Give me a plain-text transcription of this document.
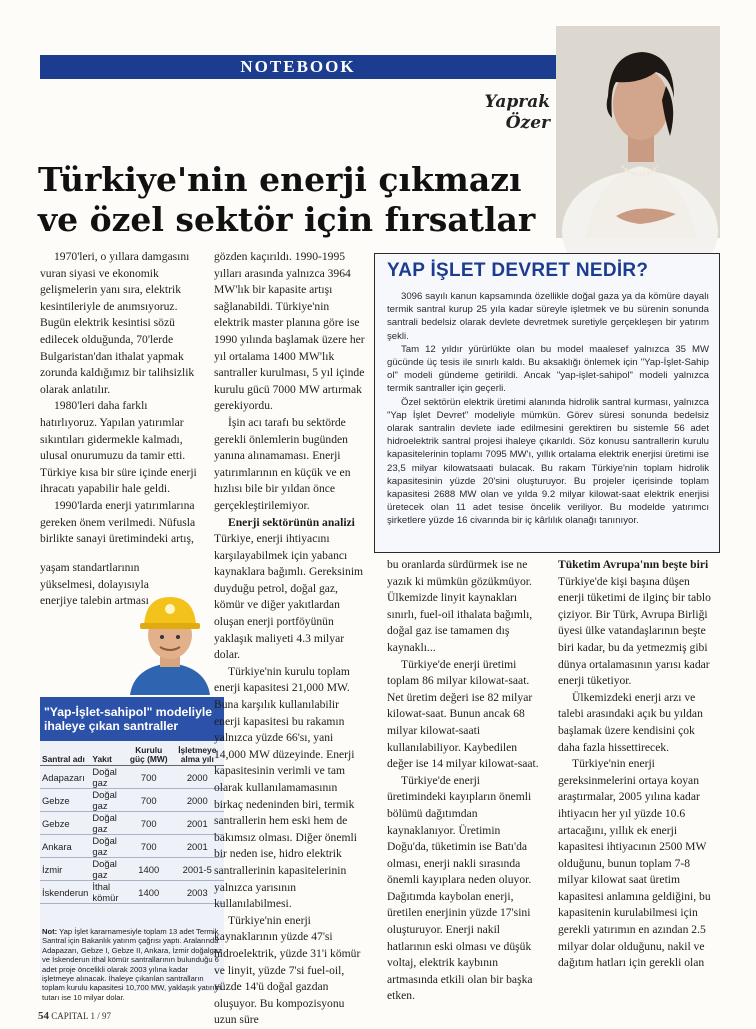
NOTEBOOK
Yaprak
Özer
Türkiye'nin enerji çıkmazı
ve özel sektör için fırsatlar

1970'leri, o yıllara damgasını vuran siyasi ve ekonomik gelişmelerin yanı sıra, elektrik kesintileriyle de anımsıyoruz. Bugün elektrik kesintisi sözü edilecek olduğunda, 70'lerde Bulgaristan'dan ithalat yapmak zorunda kaldığımız bir talihsizlik olarak anlatılır.

1980'leri daha farklı hatırlıyoruz. Yapılan yatırımlar sıkıntıları gidermekle kalmadı, ulusal onurumuzu da tamir etti. Türkiye kısa bir süre içinde enerji ihracatı yapabilir hale geldi.

1990'larda enerji yatırımlarına gereken önem verilmedi. Nüfusla birlikte sanayi üretimindeki artış,

yaşam standartlarının yükselmesi, dolayısıyla enerjiye talebin artması

"Yap-İşlet-sahipol" modeliyle
ihaleye çıkan santraller
Santral adı	Yakıt	Kurulu güç (MW)	İşletmeye alma yılı
Adapazarı	Doğal gaz	700	2000
Gebze	Doğal gaz	700	2000
Gebze	Doğal gaz	700	2001
Ankara	Doğal gaz	700	2001
İzmir	Doğal gaz	1400	2001-5
İskenderun	İthal kömür	1400	2003
Not: Yap İşlet kararnamesiyle toplam 13 adet Termik Santral için Bakanlık yatırım çağrısı yaptı. Aralarında Adapazarı, Gebze I, Gebze II, Ankara, İzmir doğalgaz ve İskenderun ithal kömür santrallarının bulunduğu 6 adet proje öncelikli olarak 2003 yılına kadar işletmeye alınacak. İhaleye çıkarılan santralların toplam kurulu kapasitesi 10,700 MW, yaklaşık yatırım tutarı ise 10 milyar dolar.

gözden kaçırıldı. 1990-1995 yılları arasında yalnızca 3964 MW'lık bir kapasite artışı sağlanabildi. Türkiye'nin elektrik master planına göre ise 1990 yılında başlamak üzere her yıl ortalama 1400 MW'lık santraller kurulması, 5 yıl içinde kurulu gücü 7000 MW artırmak gerekiyordu.

İşin acı tarafı bu sektörde gerekli önlemlerin bugünden yanına alınamaması. Enerji yatırımlarının en küçük ve en hızlısı bile bir yıldan önce gerçekleştirilemiyor.

Enerji sektörünün analizi Türkiye, enerji ihtiyacını karşılayabilmek için yabancı kaynaklara bağımlı. Gereksinim duyduğu petrol, doğal gaz, kömür ve diğer yakıtlardan oluşan enerji portföyünün yaklaşık maliyeti 4.3 milyar dolar.

Türkiye'nin kurulu toplam enerji kapasitesi 21,000 MW. Buna karşılık kullanılabilir enerji kapasitesi bu rakamın yalnızca yüzde 66'sı, yani 14,000 MW düzeyinde. Enerji kapasitesinin verimli ve tam olarak kullanılamamasının birkaç nedeninden biri, termik santrallerin hem eski hem de bakımsız olması. Diğer önemli bir neden ise, hidro elektrik santrallerinin kapasitelerinin yalnızca yarısının kullanılabilmesi.

Türkiye'nin enerji kaynaklarının yüzde 47'si hidroelektrik, yüzde 31'i kömür ve linyit, yüzde 7'si fuel-oil, yüzde 14'ü doğal gazdan oluşuyor. Bu kompozisyonu uzun süre

YAP İŞLET DEVRET NEDİR?

3096 sayılı kanun kapsamında özellikle doğal gaza ya da kömüre dayalı termik santral kurup 25 yıla kadar süreyle işletmek ve bu sürenin sonunda santrali bedelsiz olarak devlete devretmek suretiyle gerçekleşen bir yatırım şekli.

Tam 12 yıldır yürürlükte olan bu model maalesef yalnızca 35 MW gücünde üç tesis ile sınırlı kaldı. Bu aksaklığı önlemek için "Yap-İşlet-Sahip ol" modeli gündeme getirildi. Ancak "yap-işlet-sahipol" modeli yalnızca termik santraller için geçerli.

Özel sektörün elektrik üretimi alanında hidrolik santral kurması, yalnızca "Yap İşlet Devret" modeliyle mümkün. Görev süresi sonunda bedelsiz olarak santralin devlete iade edilmesini gerektiren bu sistemle 56 adet hidroelektrik santral projesi ihaleye çıkarıldı. Söz konusu santrallerin kurulu kapasitelerinin toplamı 7095 MW'ı, yıllık ortalama elektrik enerjisi üretimi ise 23,5 milyar kilowatsaati bulacak. Bu rakam Türkiye'nin toplam hidrolik kapasitesinin yüzde 20'sini oluşturuyor. Bu projeler içerisinde toplam kapasitesi 2688 MW olan ve yılda 9.2 milyar kilowat-saat elektrik enerjisi üretecek olan 11 adet tesise öncelik veriliyor. Bu modelde yatırımcı şirketlere yüzde 16 civarında bir iç kârlılık olanağı tanınıyor.

bu oranlarda sürdürmek ise ne yazık ki mümkün gözükmüyor. Ülkemizde linyit kaynakları sınırlı, fuel-oil ithalata bağımlı, doğal gaz ise tamamen dış kaynaklı...

Türkiye'de enerji üretimi toplam 86 milyar kilowat-saat. Net üretim değeri ise 82 milyar kilowat-saat. Bunun ancak 68 milyar kilowat-saati kullanılabiliyor. Kaybedilen değer ise 14 milyar kilowat-saat.

Türkiye'de enerji üretimindeki kayıpların önemli bölümü dağıtımdan kaynaklanıyor. Üretimin Doğu'da, tüketimin ise Batı'da olması, enerji nakli sırasında önemli kayıplara neden oluyor. Dağıtımda kaybolan enerji, üretilen enerjinin yüzde 17'sini oluşturuyor. Enerji nakil hatlarının eski olması ve düşük voltaj, elektrik kaybının artmasında etkili olan bir başka etken.

Tüketim Avrupa'nın beşte biri Türkiye'de kişi başına düşen enerji tüketimi de ilginç bir tablo çiziyor. Bir Türk, Avrupa Birliği üyesi ülke vatandaşlarının beşte biri kadar, bu da yetmezmiş gibi dünya ortalamasının yarısı kadar enerji tüketiyor.

Ülkemizdeki enerji arzı ve talebi arasındaki açık bu yıldan başlamak üzere kendisini çok daha fazla hissettirecek.

Türkiye'nin enerji gereksinmelerini ortaya koyan araştırmalar, 2005 yılına kadar ihtiyacın her yıl yüzde 10.6 artacağını, yıllık ek enerji kapasitesi ihtiyacının 2500 MW olduğunu, bunun toplam 7-8 milyar kilowat saat üretim kapasitesi anlamına geldiğini, bu kapasitenin kurulabilmesi için gerekli yatırımın en azından 2.5 milyar dolar olduğunu, nakil ve dağıtım hatları için gerekli olan

54 CAPITAL 1 / 97
